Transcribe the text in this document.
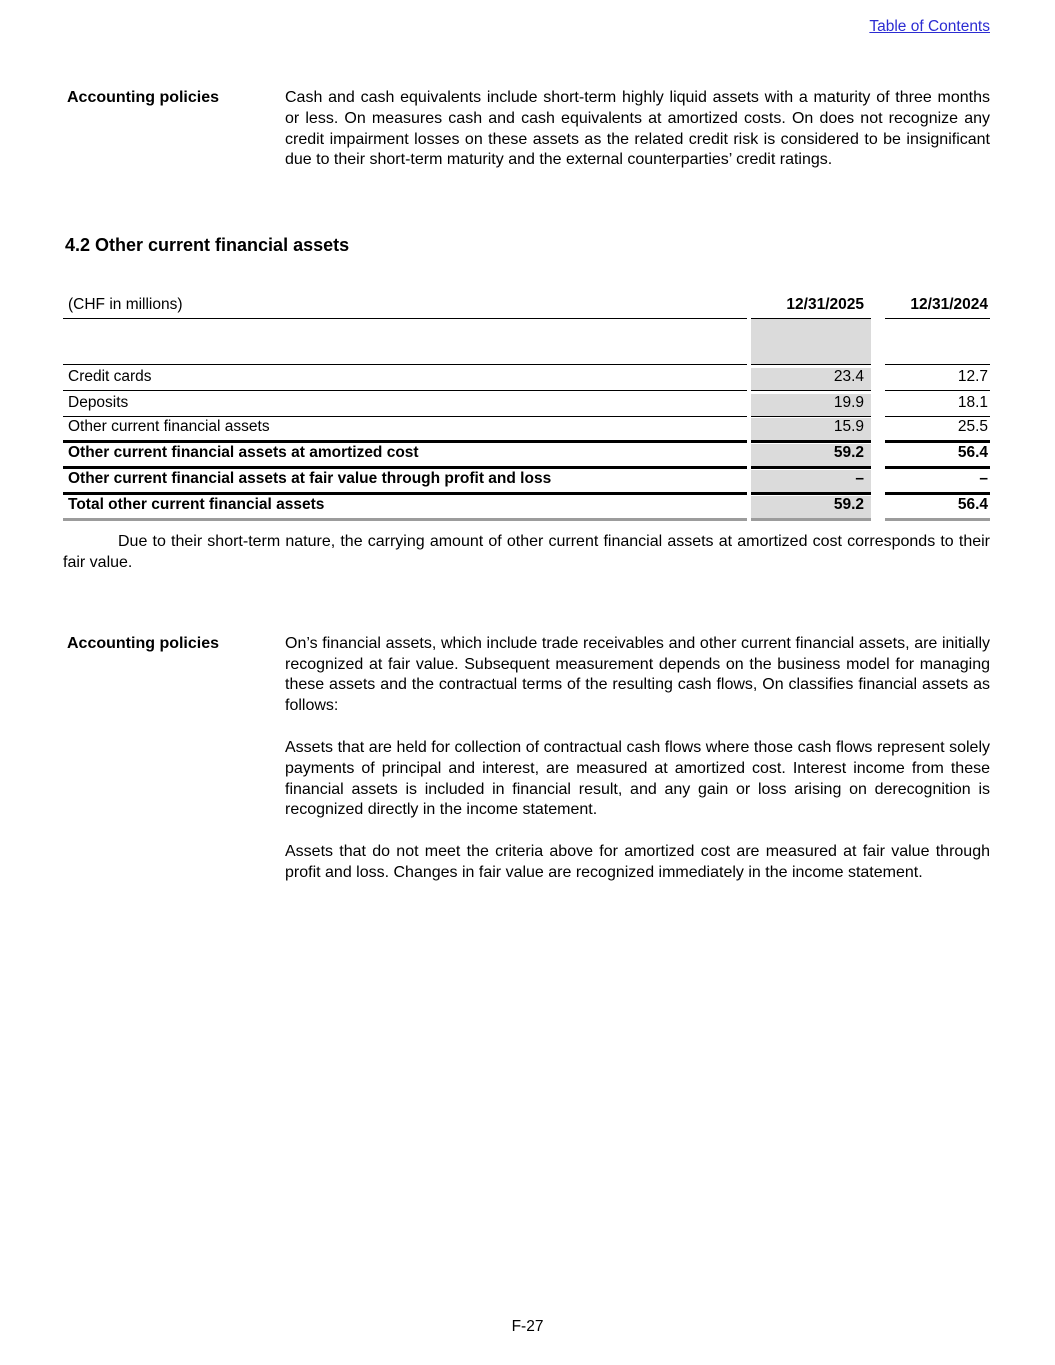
Table of Contents
Accounting policies	Cash and cash equivalents include short-term highly liquid assets with a maturity of three months or less. On measures cash and cash equivalents at amortized costs. On does not recognize any credit impairment losses on these assets as the related credit risk is considered to be insignificant due to their short-term maturity and the external counterparties’ credit ratings.

4.2 Other current financial assets
(CHF in millions)	12/31/2025	12/31/2024
Credit cards	23.4	12.7
Deposits	19.9	18.1
Other current financial assets	15.9	25.5
Other current financial assets at amortized cost	59.2	56.4
Other current financial assets at fair value through profit and loss	–	–
Total other current financial assets	59.2	56.4

Due to their short-term nature, the carrying amount of other current financial assets at amortized cost corresponds to their fair value.

Accounting policies	On’s financial assets, which include trade receivables and other current financial assets, are initially recognized at fair value. Subsequent measurement depends on the business model for managing these assets and the contractual terms of the resulting cash flows, On classifies financial assets as follows:

Assets that are held for collection of contractual cash flows where those cash flows represent solely payments of principal and interest, are measured at amortized cost. Interest income from these financial assets is included in financial result, and any gain or loss arising on derecognition is recognized directly in the income statement.

Assets that do not meet the criteria above for amortized cost are measured at fair value through profit and loss. Changes in fair value are recognized immediately in the income statement.

F-27
